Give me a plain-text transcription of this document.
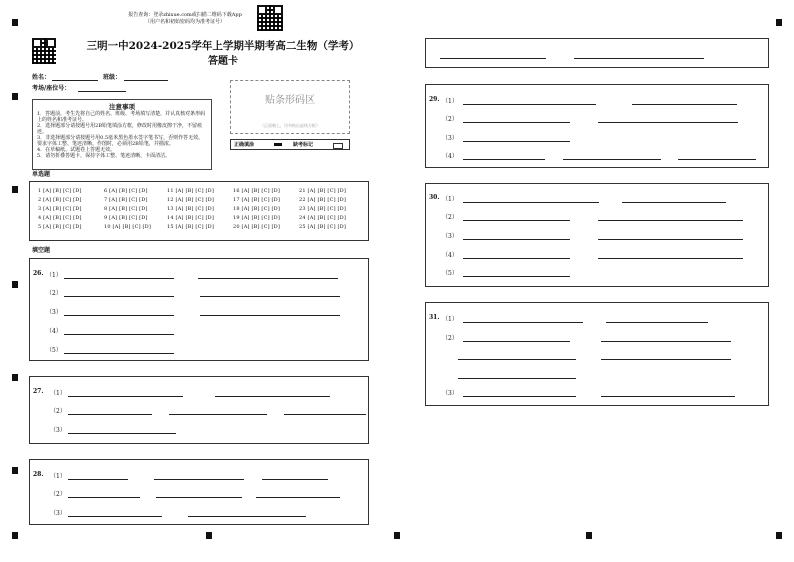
报告查询：登录zhixue.com或扫描二维码下载App
（用户名和初始密码均为准考证号）
三明一中2024-2025学年上学期半期考高二生物（学考）
答题卡
姓名：	班级：
考场/座位号：
注意事项
1．答题前，考生先将自己的姓名、班级、考场填写清楚，并认真核对条形码上的姓名和准考证号。
2．选择题部分请按题号用2B铅笔填涂方框，修改时用橡皮擦干净，不留痕迹。
3．非选择题部分请按题号用0.5毫米黑色墨水签字笔书写，否则作答无效。要求字体工整、笔迹清晰。作图时，必须用2B铅笔，并描浓。
4．在草稿纸、试题卷上答题无效。
5．请勿折叠答题卡，保持字体工整、笔迹清晰、卡面清洁。
贴条形码区
（正面朝上，切勿贴出虚线方框）
正确填涂	缺考标记
单选题
1 [A] [B] [C] [D]	6 [A] [B] [C] [D]	11 [A] [B] [C] [D]	16 [A] [B] [C] [D]	21 [A] [B] [C] [D]
2 [A] [B] [C] [D]	7 [A] [B] [C] [D]	12 [A] [B] [C] [D]	17 [A] [B] [C] [D]	22 [A] [B] [C] [D]
3 [A] [B] [C] [D]	8 [A] [B] [C] [D]	13 [A] [B] [C] [D]	18 [A] [B] [C] [D]	23 [A] [B] [C] [D]
4 [A] [B] [C] [D]	9 [A] [B] [C] [D]	14 [A] [B] [C] [D]	19 [A] [B] [C] [D]	24 [A] [B] [C] [D]
5 [A] [B] [C] [D]	10 [A] [B] [C] [D]	15 [A] [B] [C] [D]	20 [A] [B] [C] [D]	25 [A] [B] [C] [D]
填空题
26. （1）
（2）
（3）
（4）
（5）
27. （1）
（2）
（3）
28. （1）
（2）
（3）
29. （1）
（2）
（3）
（4）
30. （1）
（2）
（3）
（4）
（5）
31. （1）
（2）
（3）
